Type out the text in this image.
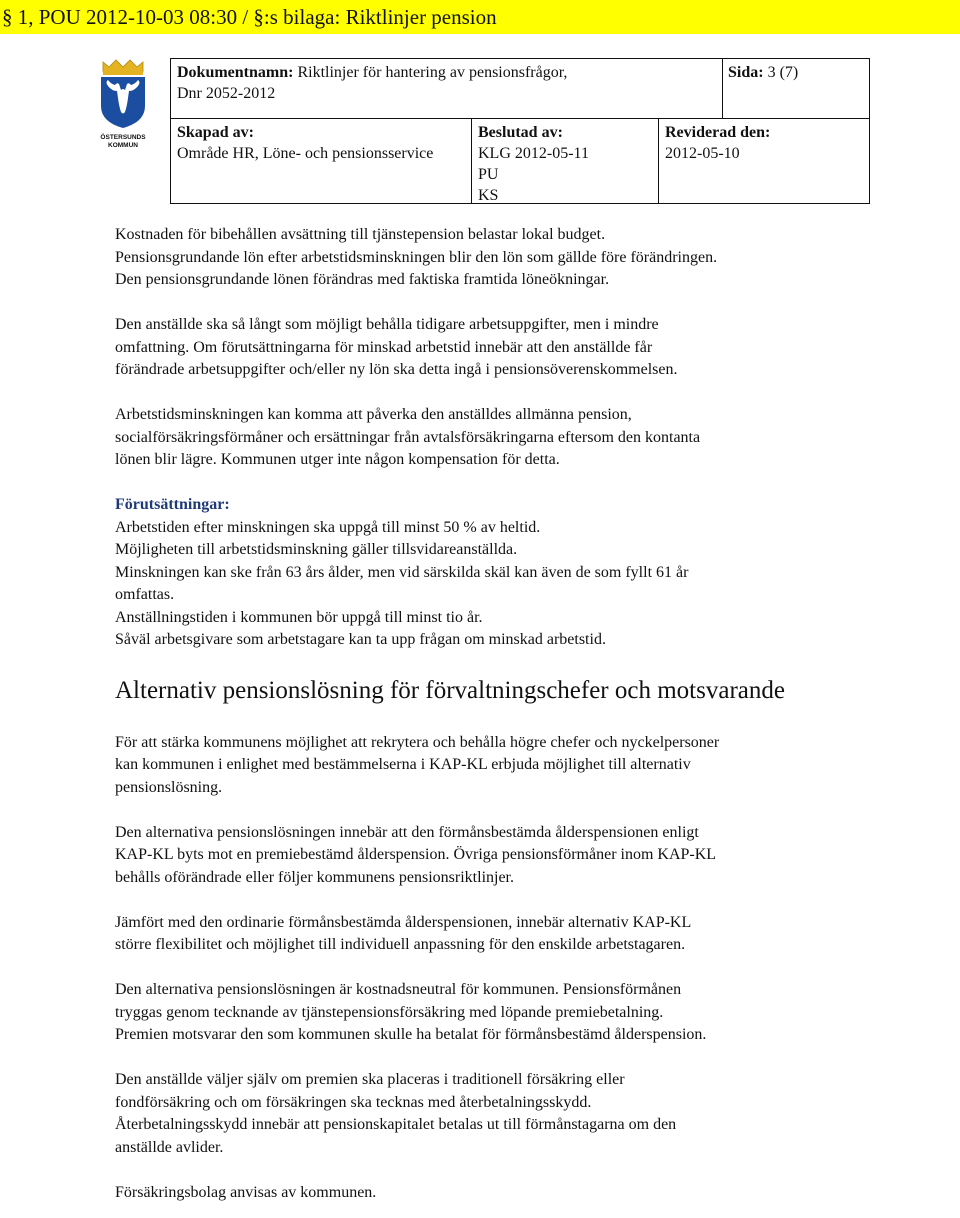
§ 1, POU 2012-10-03 08:30 / §:s bilaga: Riktlinjer pension
ÖSTERSUNDS
KOMMUN
Dokumentnamn: Riktlinjer för hantering av pensionsfrågor,
Dnr 2052-2012
Sida: 3 (7)
Skapad av:
Område HR, Löne- och pensionsservice
Beslutad av:
KLG 2012-05-11
PU
KS
Reviderad den:
2012-05-10
Kostnaden för bibehållen avsättning till tjänstepension belastar lokal budget.
Pensionsgrundande lön efter arbetstidsminskningen blir den lön som gällde före förändringen.
Den pensionsgrundande lönen förändras med faktiska framtida löneökningar.
Den anställde ska så långt som möjligt behålla tidigare arbetsuppgifter, men i mindre
omfattning. Om förutsättningarna för minskad arbetstid innebär att den anställde får
förändrade arbetsuppgifter och/eller ny lön ska detta ingå i pensionsöverenskommelsen.
Arbetstidsminskningen kan komma att påverka den anställdes allmänna pension,
socialförsäkringsförmåner och ersättningar från avtalsförsäkringarna eftersom den kontanta
lönen blir lägre. Kommunen utger inte någon kompensation för detta.
Förutsättningar:
Arbetstiden efter minskningen ska uppgå till minst 50 % av heltid.
Möjligheten till arbetstidsminskning gäller tillsvidareanställda.
Minskningen kan ske från 63 års ålder, men vid särskilda skäl kan även de som fyllt 61 år
omfattas.
Anställningstiden i kommunen bör uppgå till minst tio år.
Såväl arbetsgivare som arbetstagare kan ta upp frågan om minskad arbetstid.
Alternativ pensionslösning för förvaltningschefer och motsvarande
För att stärka kommunens möjlighet att rekrytera och behålla högre chefer och nyckelpersoner
kan kommunen i enlighet med bestämmelserna i KAP-KL erbjuda möjlighet till alternativ
pensionslösning.
Den alternativa pensionslösningen innebär att den förmånsbestämda ålderspensionen enligt
KAP-KL byts mot en premiebestämd ålderspension. Övriga pensionsförmåner inom KAP-KL
behålls oförändrade eller följer kommunens pensionsriktlinjer.
Jämfört med den ordinarie förmånsbestämda ålderspensionen, innebär alternativ KAP-KL
större flexibilitet och möjlighet till individuell anpassning för den enskilde arbetstagaren.
Den alternativa pensionslösningen är kostnadsneutral för kommunen. Pensionsförmånen
tryggas genom tecknande av tjänstepensionsförsäkring med löpande premiebetalning.
Premien motsvarar den som kommunen skulle ha betalat för förmånsbestämd ålderspension.
Den anställde väljer själv om premien ska placeras i traditionell försäkring eller
fondförsäkring och om försäkringen ska tecknas med återbetalningsskydd.
Återbetalningsskydd innebär att pensionskapitalet betalas ut till förmånstagarna om den
anställde avlider.
Försäkringsbolag anvisas av kommunen.
